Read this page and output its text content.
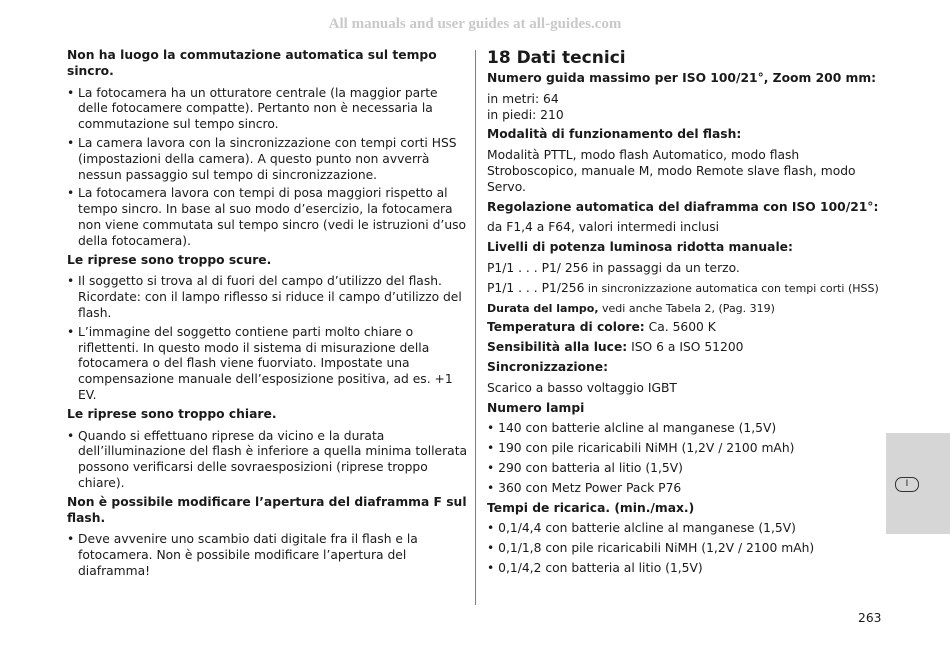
All manuals and user guides at all-guides.com
Non ha luogo la commutazione automatica sul tempo sincro.
• La fotocamera ha un otturatore centrale (la maggior parte delle fotocamere compatte). Pertanto non è necessaria la commutazione sul tempo sincro.
• La camera lavora con la sincronizzazione con tempi corti HSS (impostazioni della camera). A questo punto non avverrà nessun passaggio sul tempo di sincronizzazione.
• La fotocamera lavora con tempi di posa maggiori rispetto al tempo sincro. In base al suo modo d’esercizio, la fotocamera non viene commutata sul tempo sincro (vedi le istruzioni d’uso della fotocamera).
Le riprese sono troppo scure.
• Il soggetto si trova al di fuori del campo d’utilizzo del flash. Ricordate: con il lampo riflesso si riduce il campo d’utilizzo del flash.
• L’immagine del soggetto contiene parti molto chiare o riflettenti. In questo modo il sistema di misurazione della fotocamera o del flash viene fuorviato. Impostate una compensazione manuale dell’esposizione positiva, ad es. +1 EV.
Le riprese sono troppo chiare.
• Quando si effettuano riprese da vicino e la durata dell’illuminazione del flash è inferiore a quella minima tollerata possono verificarsi delle sovraesposizioni (riprese troppo chiare).
Non è possibile modificare l’apertura del diaframma F sul flash.
• Deve avvenire uno scambio dati digitale fra il flash e la fotocamera. Non è possibile modificare l’apertura del diaframma!
18 Dati tecnici
Numero guida massimo per ISO 100/21°, Zoom 200 mm:
in metri: 64
in piedi: 210
Modalità di funzionamento del flash:
Modalità PTTL, modo flash Automatico, modo flash Stroboscopico, manuale M, modo Remote slave flash, modo Servo.
Regolazione automatica del diaframma con ISO 100/21°:
da F1,4 a F64, valori intermedi inclusi
Livelli di potenza luminosa ridotta manuale:
P1/1 . . . P1/ 256 in passaggi da un terzo.
P1/1 . . . P1/256 in sincronizzazione automatica con tempi corti (HSS)
Durata del lampo, vedi anche Tabela 2, (Pag. 319)
Temperatura di colore: Ca. 5600 K
Sensibilità alla luce: ISO 6 a ISO 51200
Sincronizzazione:
Scarico a basso voltaggio IGBT
Numero lampi
• 140 con batterie alcline al manganese (1,5V)
• 190 con pile ricaricabili NiMH (1,2V / 2100 mAh)
• 290 con batteria al litio (1,5V)
• 360 con Metz Power Pack P76
Tempi de ricarica. (min./max.)
• 0,1/4,4 con batterie alcline al manganese (1,5V)
• 0,1/1,8 con pile ricaricabili NiMH (1,2V / 2100 mAh)
• 0,1/4,2 con batteria al litio (1,5V)
I
263
